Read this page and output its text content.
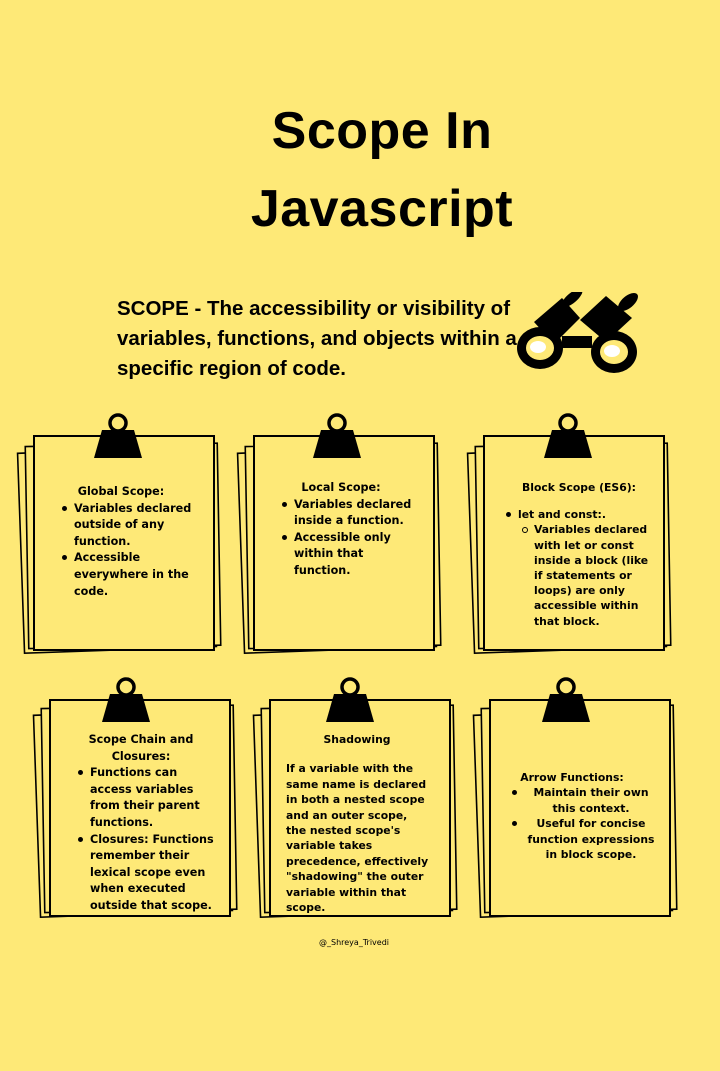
Scope In
Javascript
SCOPE - The accessibility or visibility of variables, functions, and objects within a specific region of code.
Global Scope:
Variables declared outside of any function.
Accessible everywhere in the code.
Local Scope:
Variables declared inside a function.
Accessible only within that function.
Block Scope (ES6):
let and const:.
Variables declared with let or const inside a block (like if statements or loops) are only accessible within that block.
Scope Chain and Closures:
Functions can access variables from their parent functions.
Closures: Functions remember their lexical scope even when executed outside that scope.
Shadowing
If a variable with the same name is declared in both a nested scope and an outer scope, the nested scope's variable takes precedence, effectively "shadowing" the outer variable within that scope.
Arrow Functions:
Maintain their own this context.
Useful for concise function expressions in block scope.
@_Shreya_Trivedi
